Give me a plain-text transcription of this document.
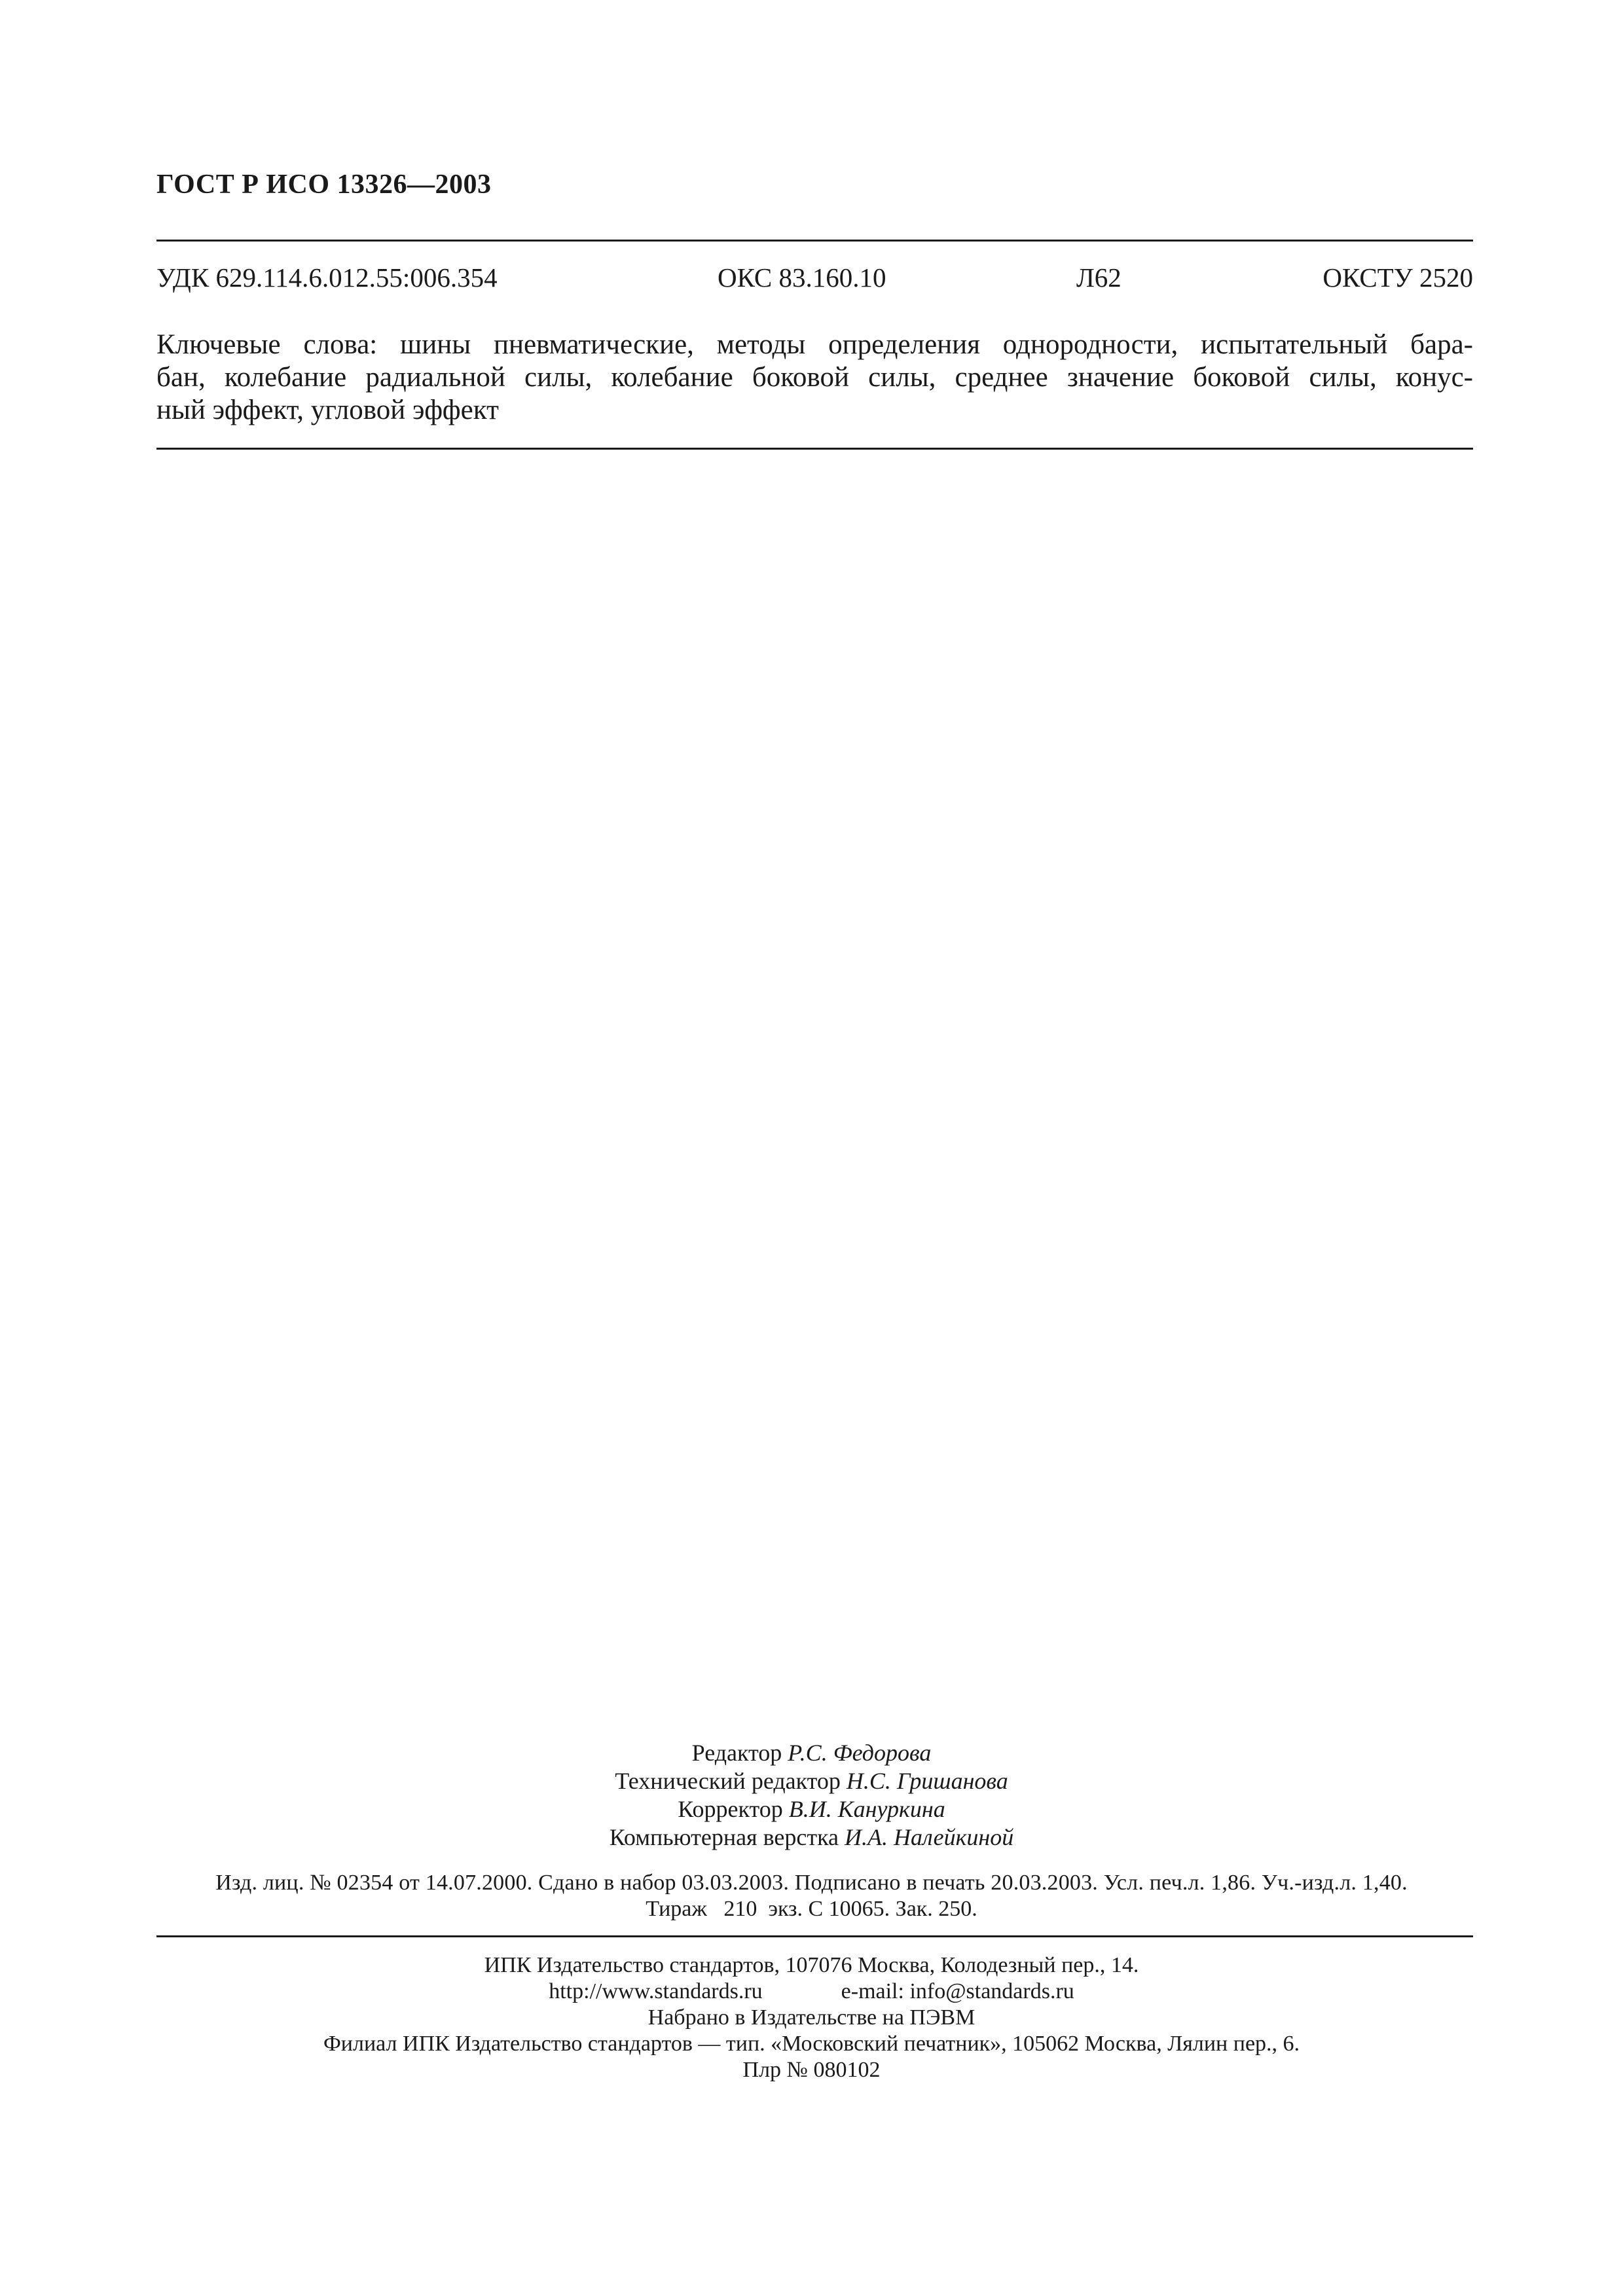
ГОСТ Р ИСО 13326—2003
УДК 629.114.6.012.55:006.354	ОКС 83.160.10	Л62	ОКСТУ 2520
Ключевые слова: шины пневматические, методы определения однородности, испытательный бара-
бан, колебание радиальной силы, колебание боковой силы, среднее значение боковой силы, конус-
ный эффект, угловой эффект
Редактор Р.С. Федорова
Технический редактор Н.С. Гришанова
Корректор В.И. Кануркина
Компьютерная верстка И.А. Налейкиной
Изд. лиц. № 02354 от 14.07.2000. Сдано в набор 03.03.2003. Подписано в печать 20.03.2003. Усл. печ.л. 1,86. Уч.-изд.л. 1,40.
Тираж   210  экз. С 10065. Зак. 250.
ИПК Издательство стандартов, 107076 Москва, Колодезный пер., 14.
http://www.standards.ru	e-mail: info@standards.ru
Набрано в Издательстве на ПЭВМ
Филиал ИПК Издательство стандартов — тип. «Московский печатник», 105062 Москва, Лялин пер., 6.
Плр № 080102
